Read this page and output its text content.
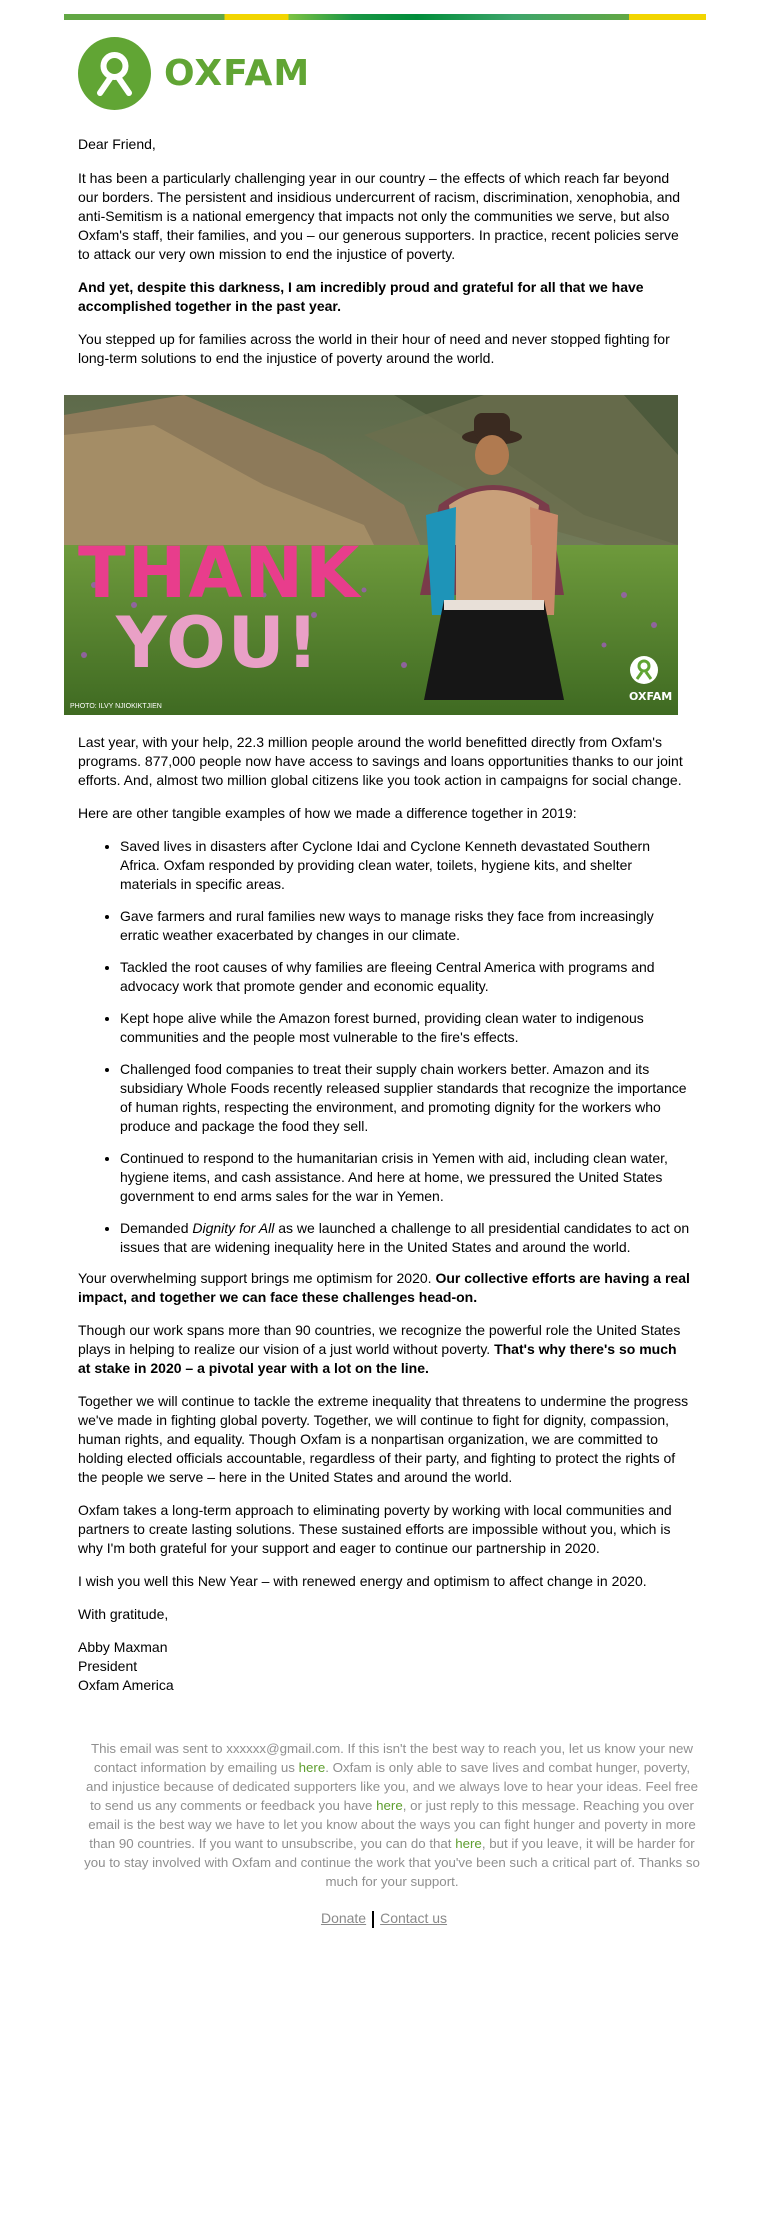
OXFAM

Dear Friend,

It has been a particularly challenging year in our country – the effects of which reach far beyond our borders. The persistent and insidious undercurrent of racism, discrimination, xenophobia, and anti-Semitism is a national emergency that impacts not only the communities we serve, but also Oxfam's staff, their families, and you – our generous supporters. In practice, recent policies serve to attack our very own mission to end the injustice of poverty.

And yet, despite this darkness, I am incredibly proud and grateful for all that we have accomplished together in the past year.

You stepped up for families across the world in their hour of need and never stopped fighting for long-term solutions to end the injustice of poverty around the world.

THANK
YOU!
PHOTO: ILVY NJIOKIKTJIEN
OXFAM

Last year, with your help, 22.3 million people around the world benefitted directly from Oxfam's programs. 877,000 people now have access to savings and loans opportunities thanks to our joint efforts. And, almost two million global citizens like you took action in campaigns for social change.

Here are other tangible examples of how we made a difference together in 2019:

• Saved lives in disasters after Cyclone Idai and Cyclone Kenneth devastated Southern Africa. Oxfam responded by providing clean water, toilets, hygiene kits, and shelter materials in specific areas.
• Gave farmers and rural families new ways to manage risks they face from increasingly erratic weather exacerbated by changes in our climate.
• Tackled the root causes of why families are fleeing Central America with programs and advocacy work that promote gender and economic equality.
• Kept hope alive while the Amazon forest burned, providing clean water to indigenous communities and the people most vulnerable to the fire's effects.
• Challenged food companies to treat their supply chain workers better. Amazon and its subsidiary Whole Foods recently released supplier standards that recognize the importance of human rights, respecting the environment, and promoting dignity for the workers who produce and package the food they sell.
• Continued to respond to the humanitarian crisis in Yemen with aid, including clean water, hygiene items, and cash assistance. And here at home, we pressured the United States government to end arms sales for the war in Yemen.
• Demanded Dignity for All as we launched a challenge to all presidential candidates to act on issues that are widening inequality here in the United States and around the world.

Your overwhelming support brings me optimism for 2020. Our collective efforts are having a real impact, and together we can face these challenges head-on.

Though our work spans more than 90 countries, we recognize the powerful role the United States plays in helping to realize our vision of a just world without poverty. That's why there's so much at stake in 2020 – a pivotal year with a lot on the line.

Together we will continue to tackle the extreme inequality that threatens to undermine the progress we've made in fighting global poverty. Together, we will continue to fight for dignity, compassion, human rights, and equality. Though Oxfam is a nonpartisan organization, we are committed to holding elected officials accountable, regardless of their party, and fighting to protect the rights of the people we serve – here in the United States and around the world.

Oxfam takes a long-term approach to eliminating poverty by working with local communities and partners to create lasting solutions. These sustained efforts are impossible without you, which is why I'm both grateful for your support and eager to continue our partnership in 2020.

I wish you well this New Year – with renewed energy and optimism to affect change in 2020.

With gratitude,

Abby Maxman
President
Oxfam America

This email was sent to xxxxxx@gmail.com. If this isn't the best way to reach you, let us know your new contact information by emailing us here. Oxfam is only able to save lives and combat hunger, poverty, and injustice because of dedicated supporters like you, and we always love to hear your ideas. Feel free to send us any comments or feedback you have here, or just reply to this message. Reaching you over email is the best way we have to let you know about the ways you can fight hunger and poverty in more than 90 countries. If you want to unsubscribe, you can do that here, but if you leave, it will be harder for you to stay involved with Oxfam and continue the work that you've been such a critical part of. Thanks so much for your support.
Donate Contact us
